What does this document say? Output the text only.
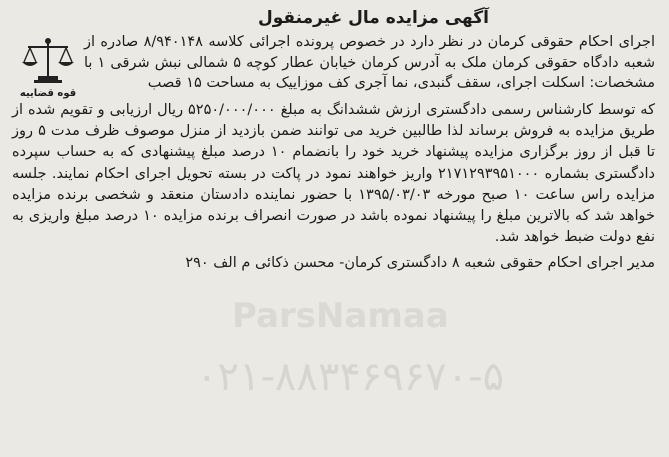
آگهی مزایده مال غیرمنقول

اجرای احکام حقوقی کرمان در نظر دارد در خصوص پرونده اجرائی کلاسه ۸/۹۴۰۱۴۸ صادره از شعبه دادگاه حقوقی کرمان ملک به آدرس کرمان خیابان عطار کوچه ۵ شمالی نبش شرقی ۱ با مشخصات: اسکلت اجرای، سقف گنبدی، نما آجری کف موزاییک به مساحت ۱۵ قصب

قوه قضاییه

که توسط کارشناس رسمی دادگستری ارزش ششدانگ به مبلغ ۵۲۵۰/۰۰۰/۰۰۰ ریال ارزیابی و تقویم شده از طریق مزایده به فروش برساند لذا طالبین خرید می توانند ضمن بازدید از منزل موصوف ظرف مدت ۵ روز تا قبل از روز برگزاری مزایده پیشنهاد خرید خود را بانضمام ۱۰ درصد مبلغ پیشنهادی که به حساب سپرده دادگستری بشماره ۲۱۷۱۲۹۳۹۵۱۰۰۰ واریز خواهند نمود در پاکت در بسته تحویل اجرای احکام نمایند. جلسه مزایده راس ساعت ۱۰ صبح مورخه ۱۳۹۵/۰۳/۰۳ با حضور نماینده دادستان منعقد و شخصی برنده مزایده خواهد شد که بالاترین مبلغ را پیشنهاد نموده باشد در صورت انصراف برنده مزایده ۱۰ درصد مبلغ واریزی به نفع دولت ضبط خواهد شد.

مدیر اجرای احکام حقوقی شعبه ۸ دادگستری کرمان- محسن ذکائی م الف ۲۹۰
